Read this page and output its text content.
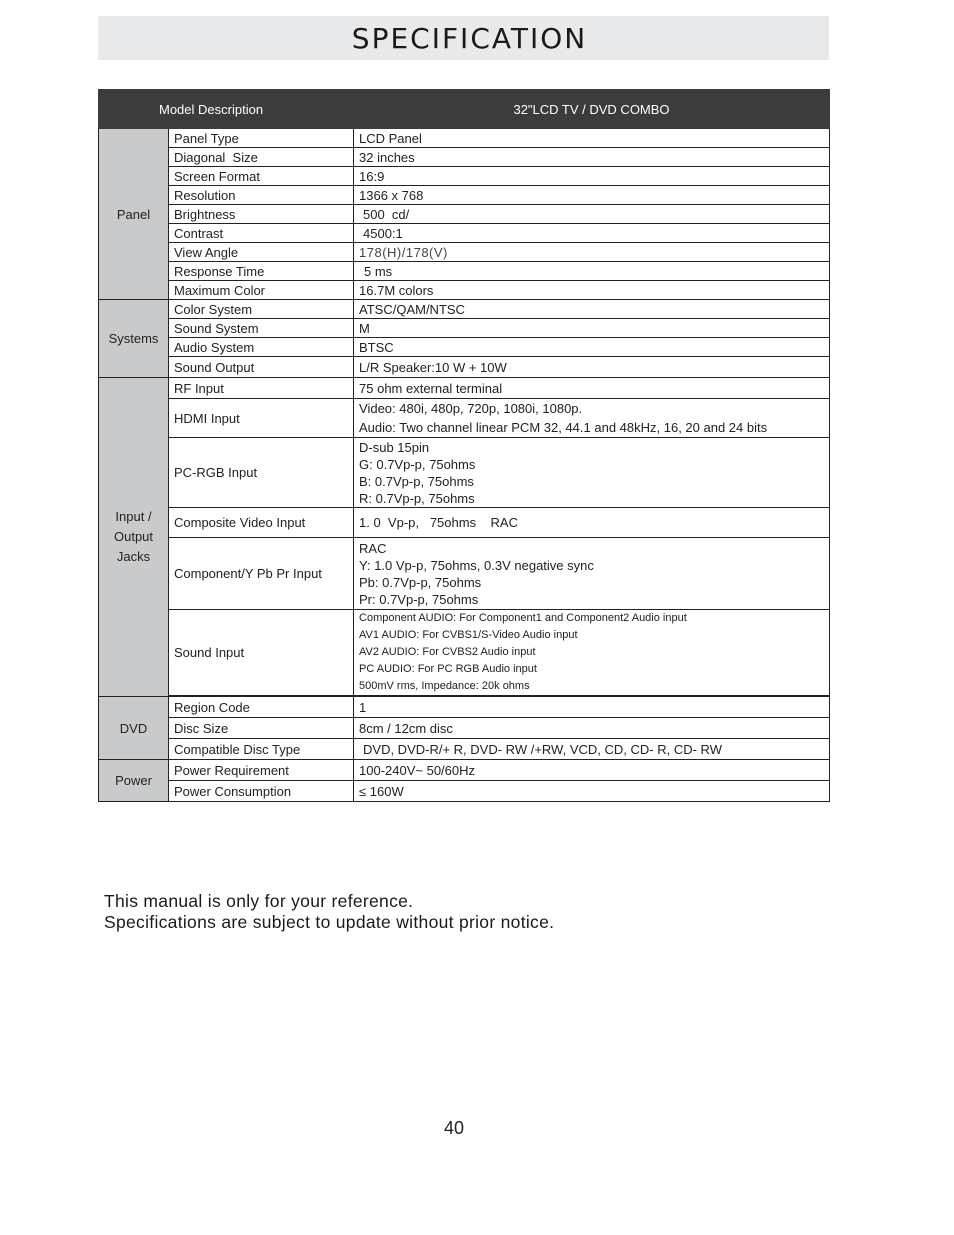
SPECIFICATION
Model Description		32"LCD TV / DVD COMBO
Panel	Panel Type	LCD Panel
	Diagonal  Size	32 inches
	Screen Format	16:9
	Resolution	1366 x 768
	Brightness	500  cd/
	Contrast	4500:1
	View Angle	178(H)/178(V)
	Response Time	5 ms
	Maximum Color	16.7M colors
Systems	Color System	ATSC/QAM/NTSC
	Sound System	M
	Audio System	BTSC
	Sound Output	L/R Speaker:10 W + 10W

Input /
Output
Jacks	RF Input	75 ohm external terminal
	HDMI Input	Video: 480i, 480p, 720p, 1080i, 1080p.
Audio: Two channel linear PCM 32, 44.1 and 48kHz, 16, 20 and 24 bits

	PC-RGB Input	D-sub 15pin
G: 0.7Vp-p, 75ohms
B: 0.7Vp-p, 75ohms
R: 0.7Vp-p, 75ohms

	Composite Video Input	1. 0  Vp-p,   75ohms    RAC
	Component/Y Pb Pr Input	RAC
Y: 1.0 Vp-p, 75ohms, 0.3V negative sync
Pb: 0.7Vp-p, 75ohms
Pr: 0.7Vp-p, 75ohms

	Sound Input	Component AUDIO: For Component1 and Component2 Audio input
AV1 AUDIO: For CVBS1/S-Video Audio input
AV2 AUDIO: For CVBS2 Audio input
PC AUDIO: For PC RGB Audio input
500mV rms, Impedance: 20k ohms

DVD	Region Code	1
	Disc Size	8cm / 12cm disc
	Compatible Disc Type	DVD, DVD-R/+ R, DVD- RW /+RW, VCD, CD, CD- R, CD- RW
Power	Power Requirement	100-240V~ 50/60Hz
	Power Consumption	≤ 160W
This manual is only for your reference.
Specifications are subject to update without prior notice.
40
